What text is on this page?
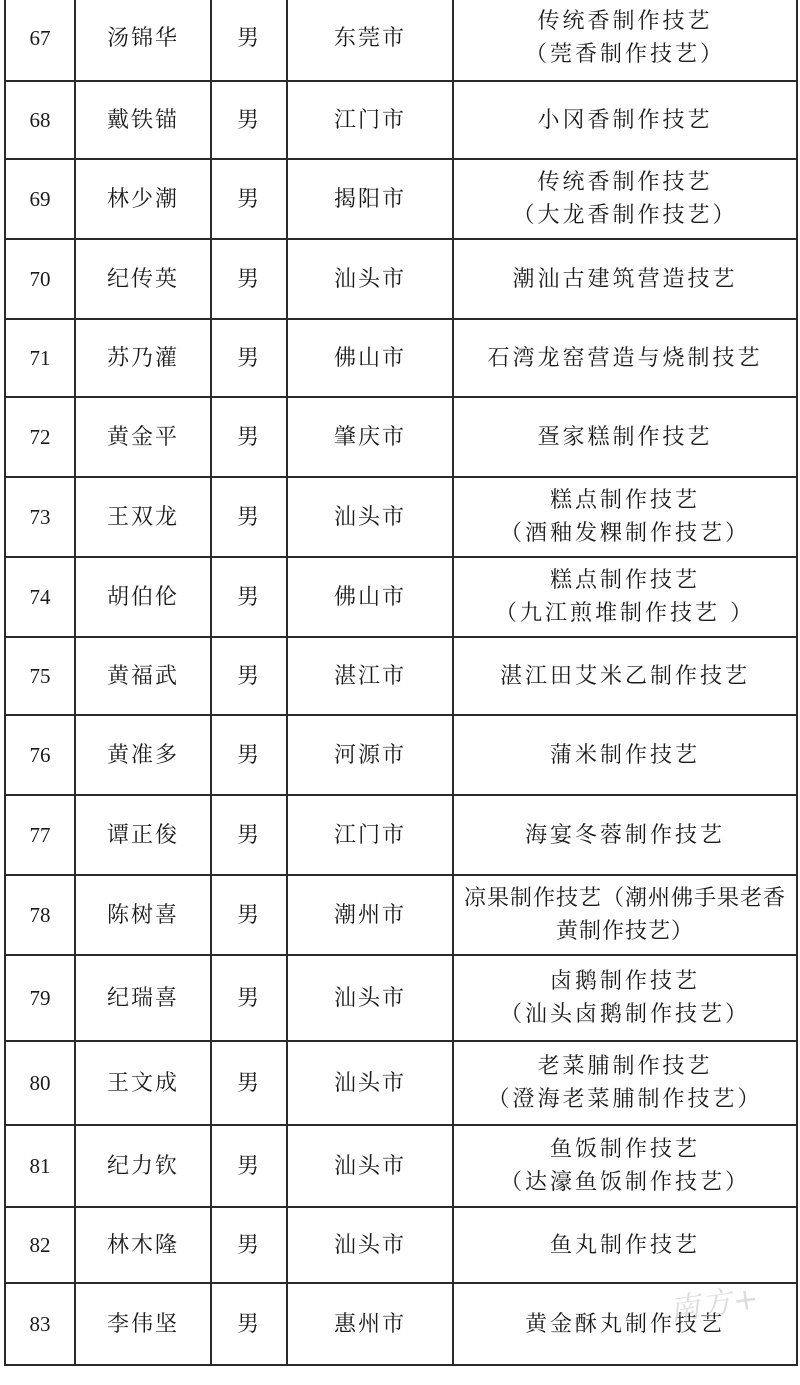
67	汤锦华	男	东莞市	传统香制作技艺
（莞香制作技艺）

68	戴铁锚	男	江门市	小冈香制作技艺

69	林少潮	男	揭阳市	传统香制作技艺
（大龙香制作技艺）

70	纪传英	男	汕头市	潮汕古建筑营造技艺

71	苏乃灌	男	佛山市	石湾龙窑营造与烧制技艺

72	黄金平	男	肇庆市	疍家糕制作技艺

73	王双龙	男	汕头市	糕点制作技艺
（酒釉发粿制作技艺）

74	胡伯伦	男	佛山市	糕点制作技艺
（九江煎堆制作技艺 ）

75	黄福武	男	湛江市	湛江田艾米乙制作技艺

76	黄准多	男	河源市	蒲米制作技艺

77	谭正俊	男	江门市	海宴冬蓉制作技艺

78	陈树喜	男	潮州市	凉果制作技艺（潮州佛手果老香
黄制作技艺）

79	纪瑞喜	男	汕头市	卤鹅制作技艺
（汕头卤鹅制作技艺）

80	王文成	男	汕头市	老菜脯制作技艺
（澄海老菜脯制作技艺）

81	纪力钦	男	汕头市	鱼饭制作技艺
（达濠鱼饭制作技艺）

82	林木隆	男	汕头市	鱼丸制作技艺

83	李伟坚	男	惠州市	黄金酥丸制作技艺
南方+
